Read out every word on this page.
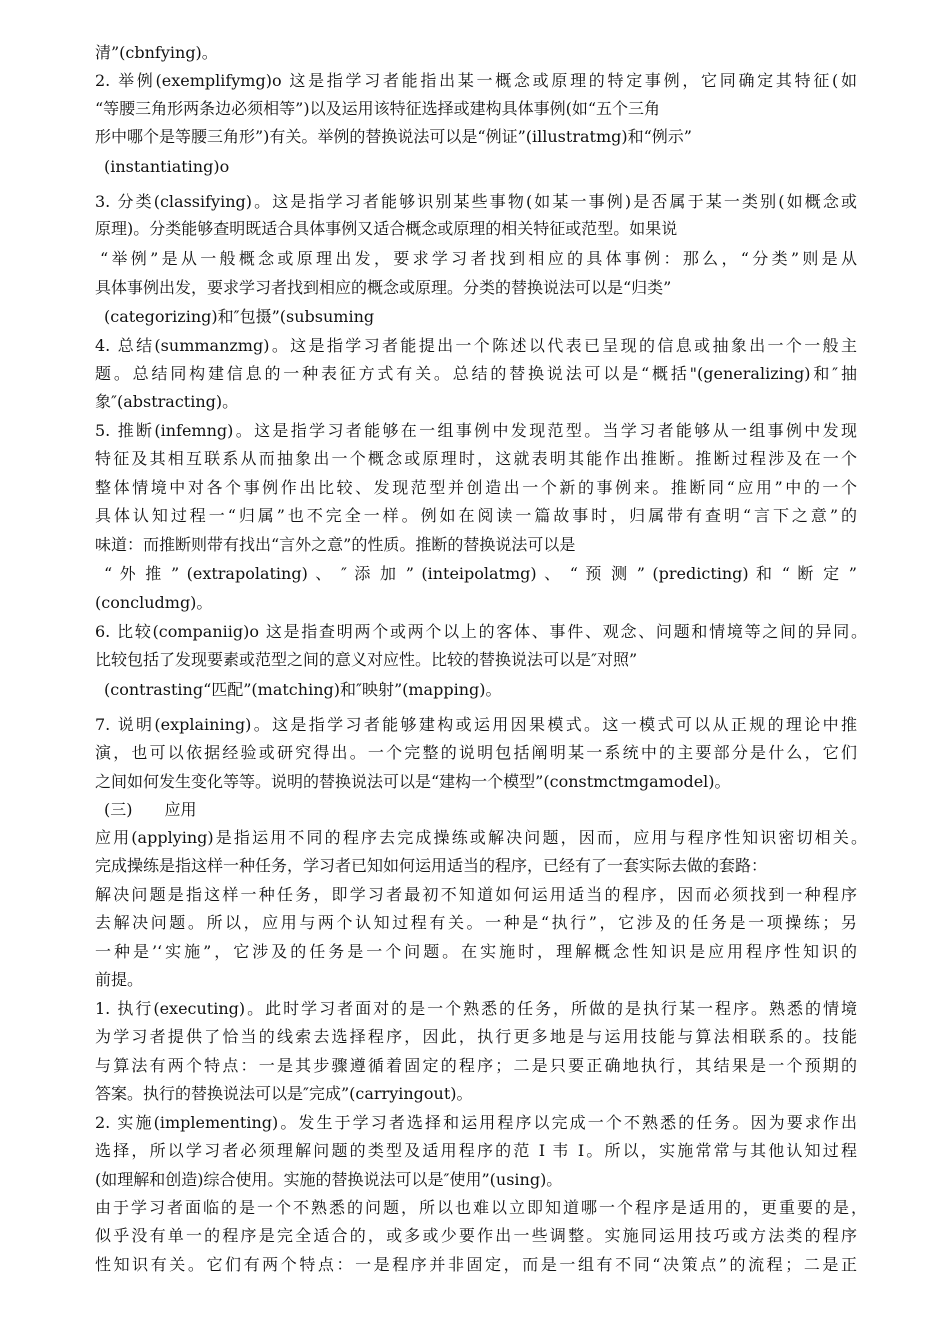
清”(cbnfying)。

2. 举例(exemplifymg)o 这是指学习者能指出某一概念或原理的特定事例，它同确定其特征(如

“等腰三角形两条边必须相等”)以及运用该特征选择或建构具体事例(如“五个三角

形中哪个是等腰三角形”)有关。举例的替换说法可以是“例证”(illustratmg)和“例示”

(instantiating)o

3. 分类(classifying)。这是指学习者能够识别某些事物(如某一事例)是否属于某一类别(如概念或

原理)。分类能够查明既适合具体事例又适合概念或原理的相关特征或范型。如果说

“举例”是从一般概念或原理出发，要求学习者找到相应的具体事例：那么，“分类”则是从

具体事例出发，要求学习者找到相应的概念或原理。分类的替换说法可以是“归类”

(categorizing)和″包摄”(subsuming

4. 总结(summanzmg)。这是指学习者能提出一个陈述以代表已呈现的信息或抽象出一个一般主

题。总结同构建信息的一种表征方式有关。总结的替换说法可以是“概括"(generalizing)和″抽

象″(abstracting)。

5. 推断(infemng)。这是指学习者能够在一组事例中发现范型。当学习者能够从一组事例中发现

特征及其相互联系从而抽象出一个概念或原理时，这就表明其能作出推断。推断过程涉及在一个

整体情境中对各个事例作出比较、发现范型并创造出一个新的事例来。推断同“应用”中的一个

具体认知过程一“归属”也不完全一样。例如在阅读一篇故事时，归属带有查明“言下之意”的

味道：而推断则带有找出“言外之意”的性质。推断的替换说法可以是

“ 外 推 ” (extrapolating) 、 ″ 添 加 ” (inteipolatmg) 、 “ 预 测 ” (predicting) 和 “ 断 定 ”

(concludmg)。

6. 比较(companiig)o 这是指查明两个或两个以上的客体、事件、观念、问题和情境等之间的异同。

比较包括了发现要素或范型之间的意义对应性。比较的替换说法可以是″对照”

(contrasting“匹配”(matching)和″映射”(mapping)。

7. 说明(explaining)。这是指学习者能够建构或运用因果模式。这一模式可以从正规的理论中推

演，也可以依据经验或研究得出。一个完整的说明包括阐明某一系统中的主要部分是什么，它们

之间如何发生变化等等。说明的替换说法可以是“建构一个模型”(constmctmgamodel)。

(三)　　应用

应用(applying)是指运用不同的程序去完成操练或解决问题，因而，应用与程序性知识密切相关。

完成操练是指这样一种任务，学习者已知如何运用适当的程序，已经有了一套实际去做的套路：

解决问题是指这样一种任务，即学习者最初不知道如何运用适当的程序，因而必须找到一种程序

去解决问题。所以，应用与两个认知过程有关。一种是“执行”，它涉及的任务是一项操练；另

一种是’‘实施”，它涉及的任务是一个问题。在实施时，理解概念性知识是应用程序性知识的

前提。

1. 执行(executing)。此时学习者面对的是一个熟悉的任务，所做的是执行某一程序。熟悉的情境

为学习者提供了恰当的线索去选择程序，因此，执行更多地是与运用技能与算法相联系的。技能

与算法有两个特点：一是其步骤遵循着固定的程序；二是只要正确地执行，其结果是一个预期的

答案。执行的替换说法可以是″完成”(carryingout)。

2. 实施(implementing)。发生于学习者选择和运用程序以完成一个不熟悉的任务。因为要求作出

选择，所以学习者必须理解问题的类型及适用程序的范 I 韦 I。所以，实施常常与其他认知过程

(如理解和创造)综合使用。实施的替换说法可以是″使用”(using)。

由于学习者面临的是一个不熟悉的问题，所以也难以立即知道哪一个程序是适用的，更重要的是，

似乎没有单一的程序是完全适合的，或多或少要作出一些调整。实施同运用技巧或方法类的程序

性知识有关。它们有两个特点：一是程序并非固定，而是一组有不同“决策点”的流程；二是正
